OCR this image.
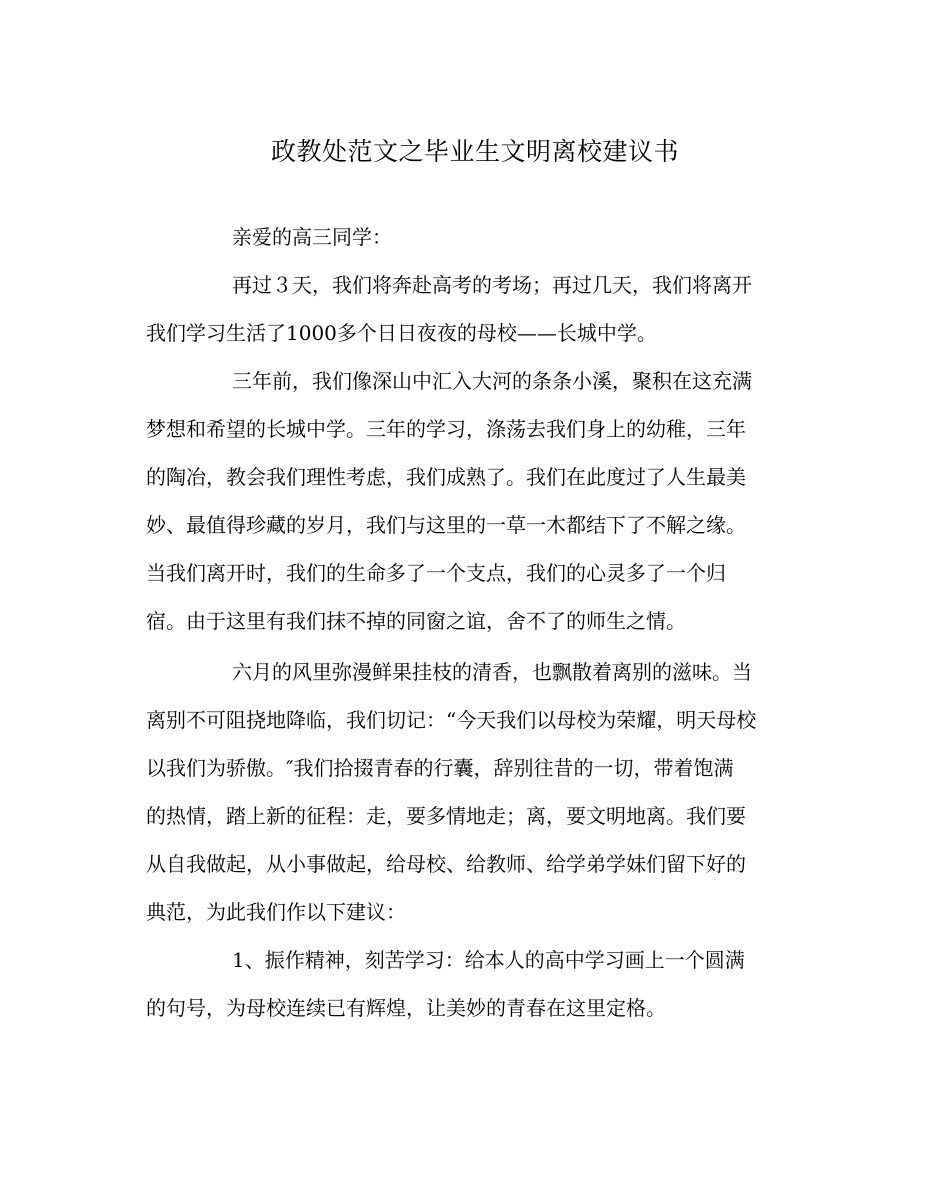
政教处范文之毕业生文明离校建议书
亲爱的高三同学：
再过３天，我们将奔赴高考的考场；再过几天，我们将离开
我们学习生活了1000多个日日夜夜的母校——长城中学。
三年前，我们像深山中汇入大河的条条小溪，聚积在这充满
梦想和希望的长城中学。三年的学习，涤荡去我们身上的幼稚，三年
的陶冶，教会我们理性考虑，我们成熟了。我们在此度过了人生最美
妙、最值得珍藏的岁月，我们与这里的一草一木都结下了不解之缘。
当我们离开时，我们的生命多了一个支点，我们的心灵多了一个归
宿。由于这里有我们抹不掉的同窗之谊，舍不了的师生之情。
六月的风里弥漫鲜果挂枝的清香，也飘散着离别的滋味。当
离别不可阻挠地降临，我们切记：“今天我们以母校为荣耀，明天母校
以我们为骄傲。″我们拾掇青春的行囊，辞别往昔的一切，带着饱满
的热情，踏上新的征程：走，要多情地走；离，要文明地离。我们要
从自我做起，从小事做起，给母校、给教师、给学弟学妹们留下好的
典范，为此我们作以下建议：
1、振作精神，刻苦学习：给本人的高中学习画上一个圆满
的句号，为母校连续已有辉煌，让美妙的青春在这里定格。
